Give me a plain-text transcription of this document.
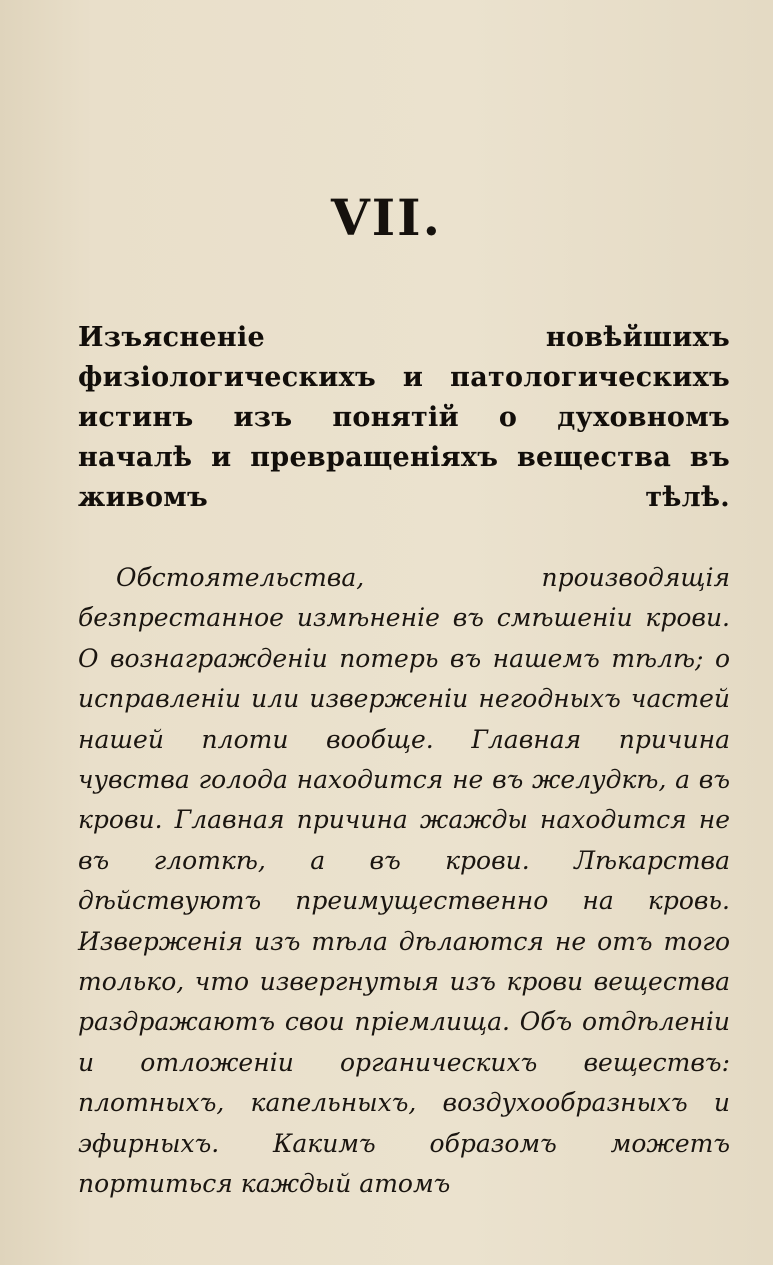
VII.

Изъясненіе новѣйшихъ физіологическихъ и патологическихъ истинъ изъ понятій о духовномъ началѣ и превращеніяхъ вещества въ живомъ тѣлѣ.

Обстоятельства, производящія безпрестанное измѣненіе въ смѣшеніи крови. О вознагражденіи потерь въ нашемъ тѣлѣ; о исправленіи или изверженіи негодныхъ частей нашей плоти вообще. Главная причина чувства голода находится не въ желудкѣ, а въ крови. Главная причина жажды находится не въ глоткѣ, а въ крови. Лѣкарства дѣйствуютъ преимущественно на кровь. Изверженія изъ тѣла дѣлаются не отъ того только, что извергнутыя изъ крови вещества раздражаютъ свои пріемлища. Объ отдѣленіи и отложеніи органическихъ веществъ: плотныхъ, капельныхъ, воздухообразныхъ и эфирныхъ. Какимъ образомъ можетъ портиться каждый атомъ
